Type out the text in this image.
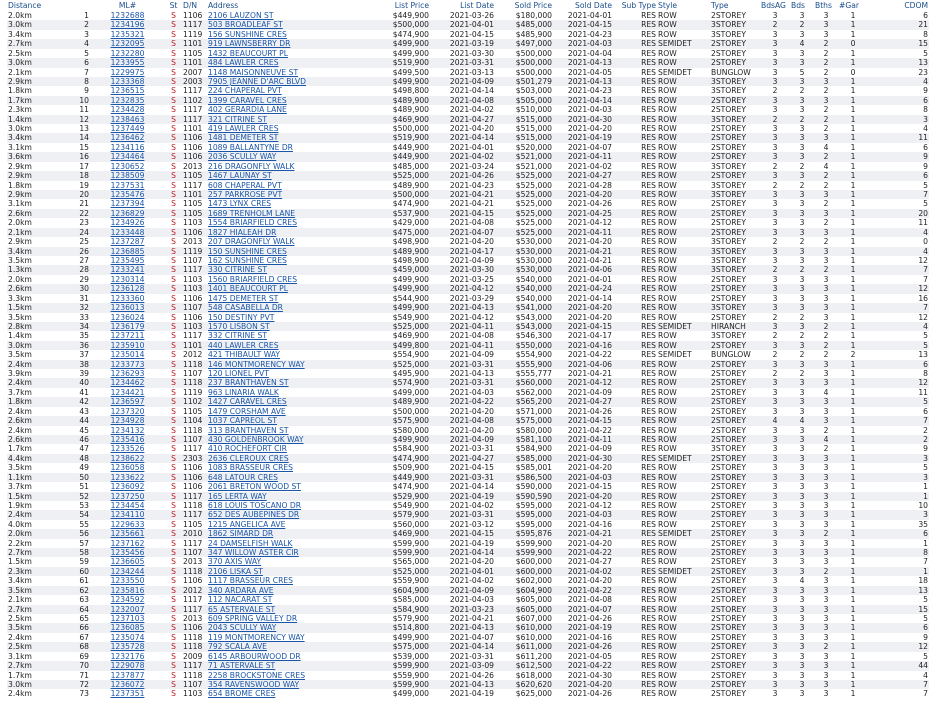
Distance		ML#	St	D/N	Address	List Price	List Date	Sold Price	Sold Date	Sub Type	Style	Type	BdsAG	Bds	Bths	#Gar	CDOM
2.0km	1	1232688	S	1106	2106 LAUZON ST	$449,900	2021-03-26	$180,000	2021-04-01	RES	ROW	2STOREY	3	3	3	1	6
3.0km	2	1234196	S	1117	503 BROADLEAF ST	$500,000	2021-04-01	$485,000	2021-04-15	RES	ROW	3STOREY	2	2	3	1	21
3.4km	3	1235321	S	1119	156 SUNSHINE CRES	$474,900	2021-04-15	$485,900	2021-04-23	RES	ROW	3STOREY	3	3	3	1	8
2.7km	4	1232095	S	1101	919 LAWNSBERRY DR	$499,900	2021-03-19	$497,000	2021-04-03	RES	SEMIDET	2STOREY	3	4	2	0	15
2.5km	5	1232280	S	1105	1432 BEAUCOURT PL	$499,900	2021-03-30	$500,000	2021-04-04	RES	ROW	2STOREY	3	3	2	1	5
3.0km	6	1233955	S	1101	484 LAWLER CRES	$519,900	2021-03-31	$500,000	2021-04-13	RES	ROW	2STOREY	3	3	2	1	13
2.1km	7	1229975	S	2007	1148 MAISONNEUVE ST	$499,500	2021-03-13	$500,000	2021-04-05	RES	SEMIDET	BUNGLOW	3	5	2	0	23
2.9km	8	1233368	S	2003	7905 JEANNE D'ARC BLVD	$499,900	2021-04-09	$501,279	2021-04-13	RES	ROW	3STOREY	3	3	3	1	4
1.8km	9	1236515	S	1117	224 CHAPERAL PVT	$498,800	2021-04-14	$503,000	2021-04-23	RES	ROW	3STOREY	2	2	2	1	9
1.7km	10	1232835	S	1102	1399 CARAVEL CRES	$489,900	2021-04-08	$505,000	2021-04-14	RES	ROW	2STOREY	3	3	3	1	6
2.3km	11	1234428	S	1117	402 GERARDIA LANE	$489,900	2021-04-02	$510,000	2021-04-03	RES	ROW	2STOREY	3	3	2	1	8
1.4km	12	1238463	S	1117	321 CITRINE ST	$469,900	2021-04-27	$515,000	2021-04-30	RES	ROW	3STOREY	2	2	2	1	3
3.0km	13	1237449	S	1101	419 LAWLER CRES	$500,000	2021-04-20	$515,000	2021-04-20	RES	ROW	2STOREY	3	3	2	1	4
3.4km	14	1236462	S	1106	1481 DEMETER ST	$519,900	2021-04-14	$515,000	2021-04-19	RES	ROW	2STOREY	3	3	3	1	11
3.1km	15	1234116	S	1106	1089 BALLANTYNE DR	$449,900	2021-04-01	$520,000	2021-04-07	RES	ROW	2STOREY	3	3	4	1	6
3.6km	16	1234464	S	1106	2036 SCULLY WAY	$449,900	2021-04-02	$521,000	2021-04-11	RES	ROW	2STOREY	3	3	2	1	9
2.9km	17	1230652	S	2013	216 DRAGONFLY WALK	$485,000	2021-03-24	$521,000	2021-04-02	RES	ROW	3STOREY	2	2	4	1	9
2.9km	18	1238509	S	1105	1467 LAUNAY ST	$525,000	2021-04-26	$525,000	2021-04-27	RES	ROW	2STOREY	3	3	2	1	6
1.8km	19	1237531	S	1117	608 CHAPERAL PVT	$489,900	2021-04-23	$525,000	2021-04-28	RES	ROW	3STOREY	2	2	2	1	5
2.9km	20	1235476	S	1101	257 PARKROSE PVT	$500,000	2021-04-21	$525,000	2021-04-20	RES	ROW	3STOREY	3	3	3	1	7
3.1km	21	1237394	S	1105	1473 LYNX CRES	$474,900	2021-04-21	$525,000	2021-04-26	RES	ROW	2STOREY	3	3	2	1	5
2.6km	22	1236829	S	1105	1689 TRENHOLM LANE	$537,900	2021-04-15	$525,000	2021-04-25	RES	ROW	2STOREY	3	3	3	1	20
2.0km	23	1234926	S	1103	1554 BRIARFIELD CRES	$429,000	2021-04-08	$525,000	2021-04-12	RES	ROW	2STOREY	3	3	2	1	11
2.1km	24	1233448	S	1106	1827 HIALEAH DR	$475,000	2021-04-07	$525,000	2021-04-11	RES	ROW	2STOREY	3	3	3	1	4
2.9km	25	1237287	S	2013	207 DRAGONFLY WALK	$498,900	2021-04-20	$530,000	2021-04-20	RES	ROW	3STOREY	2	2	2	1	0
3.4km	26	1236885	S	1119	150 SUNSHINE CRES	$489,900	2021-04-17	$530,000	2021-04-21	RES	ROW	3STOREY	3	3	3	1	4
3.5km	27	1235495	S	1107	162 SUNSHINE CRES	$498,900	2021-04-09	$530,000	2021-04-21	RES	ROW	3STOREY	3	3	3	1	12
1.3km	28	1233241	S	1117	330 CITRINE ST	$459,000	2021-03-30	$530,000	2021-04-06	RES	ROW	3STOREY	2	2	2	1	7
2.0km	29	1230314	S	1103	1560 BRIARFIELD CRES	$499,900	2021-03-25	$540,000	2021-04-01	RES	ROW	2STOREY	3	3	3	1	7
2.6km	30	1236128	S	1103	1401 BEAUCOURT PL	$499,900	2021-04-12	$540,000	2021-04-24	RES	ROW	2STOREY	3	3	3	1	12
3.3km	31	1233360	S	1106	1475 DEMETER ST	$544,900	2021-03-29	$540,000	2021-04-14	RES	ROW	2STOREY	3	3	3	1	16
1.5km	32	1236013	S	1107	548 CASABELLA DR	$499,900	2021-04-13	$541,000	2021-04-20	RES	ROW	3STOREY	3	3	3	1	7
3.5km	33	1236024	S	1106	150 DESTINY PVT	$549,900	2021-04-12	$543,000	2021-04-20	RES	ROW	2STOREY	2	2	3	1	12
2.8km	34	1236179	S	1103	1570 LISBON ST	$525,000	2021-04-11	$543,000	2021-04-15	RES	SEMIDET	HIRANCH	3	3	2	1	4
1.4km	35	1237211	S	1117	332 CITRINE ST	$469,900	2021-04-08	$546,300	2021-04-17	RES	ROW	3STOREY	2	2	2	1	5
3.0km	36	1235910	S	1101	440 LAWLER CRES	$499,800	2021-04-11	$550,000	2021-04-16	RES	ROW	2STOREY	3	3	2	1	5
3.5km	37	1235014	S	2012	421 THIBAULT WAY	$554,900	2021-04-09	$554,900	2021-04-22	RES	SEMIDET	BUNGLOW	2	2	2	2	13
2.4km	38	1233773	S	1118	146 MONTMORENCY WAY	$525,000	2021-03-31	$555,900	2021-04-06	RES	ROW	2STOREY	3	3	3	1	6
3.9km	39	1236293	S	1107	120 LIONEL PVT	$495,900	2021-04-13	$555,777	2021-04-21	RES	ROW	2STOREY	2	2	3	1	8
2.4km	40	1234462	S	1118	237 BRANTHAVEN ST	$574,900	2021-03-31	$560,000	2021-04-12	RES	ROW	2STOREY	3	3	3	1	12
3.7km	41	1234421	S	1119	963 LINARIA WALK	$499,000	2021-04-03	$562,000	2021-04-09	RES	ROW	2STOREY	3	3	4	1	11
1.8km	42	1236597	S	1102	1427 CARAVEL CRES	$489,900	2021-04-22	$565,200	2021-04-27	RES	ROW	2STOREY	3	3	3	1	5
2.4km	43	1237320	S	1105	1479 CORSHAM AVE	$500,000	2021-04-20	$571,000	2021-04-26	RES	ROW	2STOREY	3	3	3	1	6
2.6km	44	1234928	S	1104	1037 CAPREOL ST	$575,900	2021-04-08	$575,000	2021-04-15	RES	ROW	2STOREY	4	4	3	1	7
2.4km	45	1234132	S	1118	313 BRANTHAVEN ST	$580,000	2021-04-20	$580,000	2021-04-22	RES	ROW	2STOREY	3	3	2	1	2
2.6km	46	1235416	S	1107	430 GOLDENBROOK WAY	$499,900	2021-04-09	$581,100	2021-04-11	RES	ROW	2STOREY	3	3	4	1	2
1.7km	47	1233526	S	1117	410 ROCHEFORT CIR	$584,900	2021-03-31	$584,900	2021-04-09	RES	ROW	3STOREY	3	3	2	1	9
4.4km	48	1238622	S	2303	2636 CLEROUX CRES	$474,900	2021-04-27	$585,000	2021-04-30	RES	SEMIDET	2STOREY	3	3	3	1	3
3.5km	49	1236058	S	1106	1083 BRASSEUR CRES	$509,900	2021-04-15	$585,001	2021-04-20	RES	ROW	2STOREY	3	3	3	1	5
1.1km	50	1233622	S	1106	648 LATOUR CRES	$449,900	2021-03-31	$586,500	2021-04-03	RES	ROW	2STOREY	3	3	3	1	3
3.7km	51	1236092	S	1106	2061 BRETON WOOD ST	$474,900	2021-04-14	$590,000	2021-04-15	RES	ROW	2STOREY	3	3	3	1	1
1.5km	52	1237250	S	1117	165 LERTA WAY	$529,900	2021-04-19	$590,590	2021-04-20	RES	ROW	2STOREY	3	3	3	1	1
1.9km	53	1234454	S	1118	618 LOUIS TOSCANO DR	$549,900	2021-04-02	$595,000	2021-04-12	RES	ROW	2STOREY	3	3	3	1	10
2.4km	54	1234110	S	1117	652 DES AUBEPINES DR	$579,900	2021-03-31	$595,000	2021-04-03	RES	ROW	2STOREY	3	3	3	1	3
4.0km	55	1229633	S	1105	1215 ANGELICA AVE	$560,000	2021-03-12	$595,000	2021-04-16	RES	ROW	2STOREY	3	3	3	1	35
2.0km	56	1235661	S	2010	1862 SIMARD DR	$469,900	2021-04-15	$595,876	2021-04-21	RES	SEMIDET	2STOREY	3	3	2	1	6
2.2km	57	1237162	S	1117	24 DAMSELFISH WALK	$599,900	2021-04-19	$599,900	2021-04-20	RES	ROW	2STOREY	3	3	3	1	1
2.7km	58	1235456	S	1107	347 WILLOW ASTER CIR	$599,900	2021-04-14	$599,900	2021-04-22	RES	ROW	2STOREY	3	3	3	1	8
1.5km	59	1236605	S	2013	370 AXIS WAY	$565,000	2021-04-20	$600,000	2021-04-27	RES	ROW	2STOREY	3	3	3	1	7
2.3km	60	1234244	S	1118	2106 LISKA ST	$525,000	2021-04-01	$600,000	2021-04-02	RES	SEMIDET	2STOREY	3	3	2	1	1
3.4km	61	1233550	S	1106	1117 BRASSEUR CRES	$559,900	2021-04-02	$602,000	2021-04-20	RES	ROW	2STOREY	3	4	3	1	18
3.5km	62	1235816	S	2012	340 ARDARA AVE	$604,900	2021-04-09	$604,900	2021-04-22	RES	ROW	2STOREY	3	3	3	1	13
2.1km	63	1234592	S	1117	112 NACARAT ST	$585,000	2021-04-03	$605,000	2021-04-08	RES	ROW	2STOREY	3	3	3	1	5
2.7km	64	1232007	S	1117	65 ASTERVALE ST	$584,900	2021-03-23	$605,000	2021-04-07	RES	ROW	2STOREY	3	3	3	1	15
2.5km	65	1237103	S	2013	609 SPRING VALLEY DR	$579,900	2021-04-21	$607,000	2021-04-26	RES	ROW	2STOREY	3	3	3	1	5
3.5km	66	1236085	S	1106	2043 SCULLY WAY	$514,800	2021-04-13	$610,000	2021-04-19	RES	ROW	2STOREY	3	3	3	1	6
2.4km	67	1235074	S	1118	119 MONTMORENCY WAY	$499,900	2021-04-07	$610,000	2021-04-16	RES	ROW	2STOREY	3	3	3	1	9
2.5km	68	1235728	S	1118	792 SCALA AVE	$575,000	2021-04-14	$611,000	2021-04-26	RES	ROW	2STOREY	3	3	2	1	12
3.1km	69	1232176	S	2009	6145 ARBOURWOOD DR	$539,000	2021-03-31	$611,200	2021-04-05	RES	ROW	2STOREY	3	3	3	1	5
2.7km	70	1229078	S	1117	71 ASTERVALE ST	$599,900	2021-03-09	$612,500	2021-04-22	RES	ROW	2STOREY	3	3	3	1	44
1.7km	71	1237877	S	1118	2258 BROCKSTONE CRES	$559,900	2021-04-26	$618,000	2021-04-30	RES	ROW	2STOREY	3	3	3	1	4
3.0km	72	1236072	S	1107	354 RAVENSWOOD WAY	$599,900	2021-04-13	$620,620	2021-04-20	RES	ROW	2STOREY	3	3	3	1	7
2.4km	73	1237351	S	1103	654 BROME CRES	$499,000	2021-04-19	$625,000	2021-04-26	RES	ROW	2STOREY	3	3	3	1	7
